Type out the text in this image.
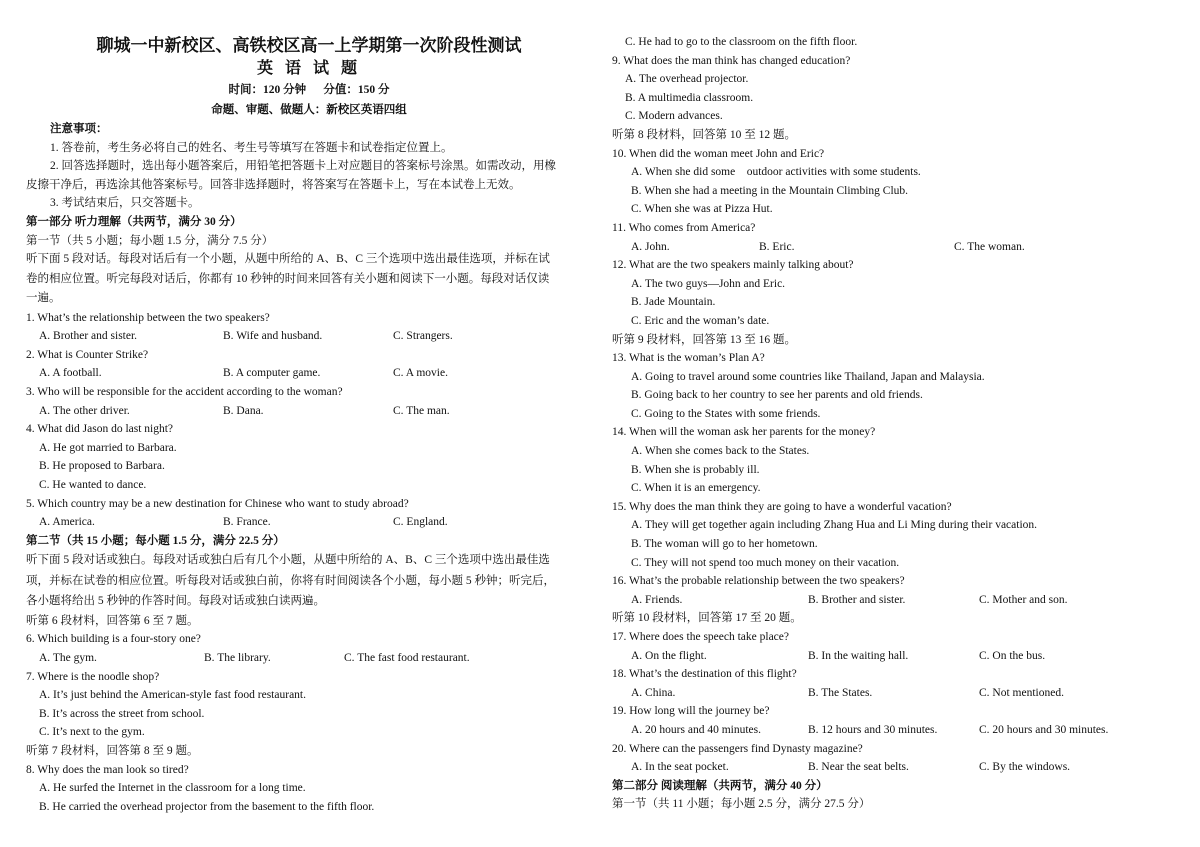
聊城一中新校区、高铁校区高一上学期第一次阶段性测试
英 语 试 题
时间：120 分钟      分值：150 分
命题、审题、做题人：新校区英语四组
注意事项：
1. 答卷前，考生务必将自己的姓名、考生号等填写在答题卡和试卷指定位置上。
2. 回答选择题时，选出每小题答案后，用铅笔把答题卡上对应题目的答案标号涂黑。如需改动，用橡
皮擦干净后，再选涂其他答案标号。回答非选择题时，将答案写在答题卡上，写在本试卷上无效。
3. 考试结束后，只交答题卡。
第一部分 听力理解（共两节，满分 30 分）
第一节（共 5 小题；每小题 1.5 分，满分 7.5 分）
听下面 5 段对话。每段对话后有一个小题，从题中所给的 A、B、C 三个选项中选出最佳选项，并标在试
卷的相应位置。听完每段对话后，你都有 10 秒钟的时间来回答有关小题和阅读下一小题。每段对话仅读
一遍。
1. What’s the relationship between the two speakers?
A. Brother and sister.	B. Wife and husband.	C. Strangers.
2. What is Counter Strike?
A. A football.	B. A computer game.	C. A movie.
3. Who will be responsible for the accident according to the woman?
A. The other driver.	B. Dana.	C. The man.
4. What did Jason do last night?
A. He got married to Barbara.
B. He proposed to Barbara.
C. He wanted to dance.
5. Which country may be a new destination for Chinese who want to study abroad?
A. America.	B. France.	C. England.
第二节（共 15 小题；每小题 1.5 分，满分 22.5 分）
听下面 5 段对话或独白。每段对话或独白后有几个小题，从题中所给的 A、B、C 三个选项中选出最佳选
项，并标在试卷的相应位置。听每段对话或独白前，你将有时间阅读各个小题，每小题 5 秒钟；听完后，
各小题将给出 5 秒钟的作答时间。每段对话或独白读两遍。
听第 6 段材料，回答第 6 至 7 题。
6. Which building is a four-story one?
A. The gym.	B. The library.	C. The fast food restaurant.
7. Where is the noodle shop?
A. It’s just behind the American-style fast food restaurant.
B. It’s across the street from school.
C. It’s next to the gym.
听第 7 段材料，回答第 8 至 9 题。
8. Why does the man look so tired?
A. He surfed the Internet in the classroom for a long time.
B. He carried the overhead projector from the basement to the fifth floor.
C. He had to go to the classroom on the fifth floor.
9. What does the man think has changed education?
A. The overhead projector.
B. A multimedia classroom.
C. Modern advances.
听第 8 段材料，回答第 10 至 12 题。
10. When did the woman meet John and Eric?
A. When she did some    outdoor activities with some students.
B. When she had a meeting in the Mountain Climbing Club.
C. When she was at Pizza Hut.
11. Who comes from America?
A. John.	B. Eric.	C. The woman.
12. What are the two speakers mainly talking about?
A. The two guys—John and Eric.
B. Jade Mountain.
C. Eric and the woman’s date.
听第 9 段材料，回答第 13 至 16 题。
13. What is the woman’s Plan A?
A. Going to travel around some countries like Thailand, Japan and Malaysia.
B. Going back to her country to see her parents and old friends.
C. Going to the States with some friends.
14. When will the woman ask her parents for the money?
A. When she comes back to the States.
B. When she is probably ill.
C. When it is an emergency.
15. Why does the man think they are going to have a wonderful vacation?
A. They will get together again including Zhang Hua and Li Ming during their vacation.
B. The woman will go to her hometown.
C. They will not spend too much money on their vacation.
16. What’s the probable relationship between the two speakers?
A. Friends.	B. Brother and sister.	C. Mother and son.
听第 10 段材料，回答第 17 至 20 题。
17. Where does the speech take place?
A. On the flight.	B. In the waiting hall.	C. On the bus.
18. What’s the destination of this flight?
A. China.	B. The States.	C. Not mentioned.
19. How long will the journey be?
A. 20 hours and 40 minutes.	B. 12 hours and 30 minutes.	C. 20 hours and 30 minutes.
20. Where can the passengers find Dynasty magazine?
A. In the seat pocket.	B. Near the seat belts.	C. By the windows.
第二部分 阅读理解（共两节，满分 40 分）
第一节（共 11 小题；每小题 2.5 分，满分 27.5 分）
